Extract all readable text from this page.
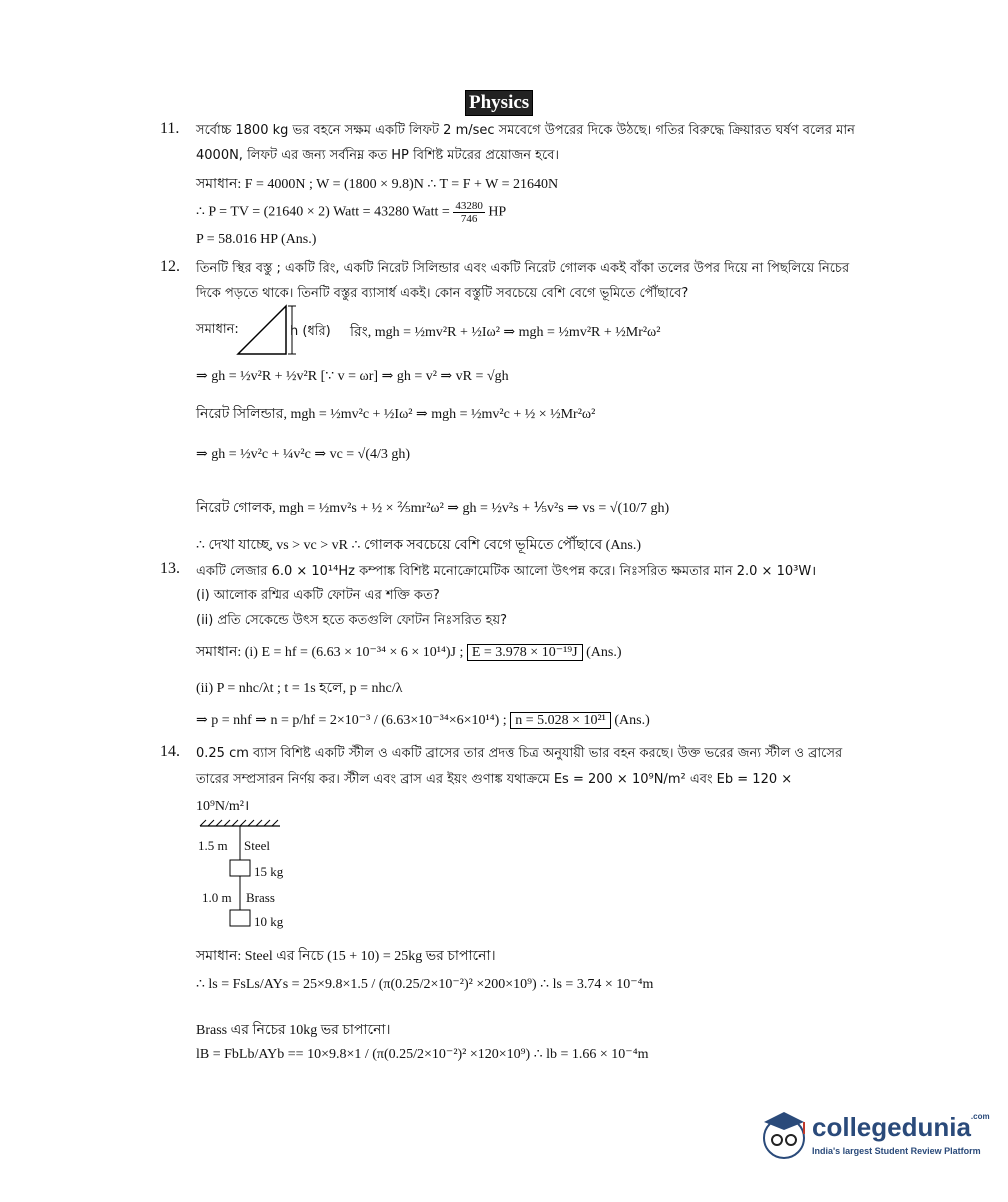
Physics
11. সর্বোচ্চ 1800 kg ভর বহনে সক্ষম একটি লিফট 2 m/sec সমবেগে উপরের দিকে উঠছে। গতির বিরুদ্ধে ক্রিয়ারত ঘর্ষণ বলের মান
4000N, লিফট এর জন্য সর্বনিম্ন কত HP বিশিষ্ট মটরের প্রয়োজন হবে।
সমাধান: F = 4000N ; W = (1800 × 9.8)N ∴ T = F + W = 21640N
∴ P = TV = (21640 × 2) Watt = 43280 Watt = $\frac{43280}{746}$ HP
P = 58.016 HP (Ans.)
12. তিনটি স্থির বস্তু ; একটি রিং, একটি নিরেট সিলিন্ডার এবং একটি নিরেট গোলক একই বাঁকা তলের উপর দিয়ে না পিছলিয়ে নিচের
দিকে পড়তে থাকে। তিনটি বস্তুর ব্যাসার্ধ একই। কোন বস্তুটি সবচেয়ে বেশি বেগে ভূমিতে পৌঁছাবে?
সমাধান:	h (ধরি) রিং, mgh = ½mv²R + ½Iω² ⇒ mgh = ½mv²R + ½Mr²ω²
⇒ gh = ½v²R + ½v²R [∵ v = ωr] ⇒ gh = v² ⇒ vR = √gh
নিরেট সিলিন্ডার, mgh = ½mv²c + ½Iω² ⇒ mgh = ½mv²c + ½ × ½Mr²ω²
⇒ gh = ½v²c + ¼v²c ⇒ vc = √(4/3 gh)
নিরেট গোলক, mgh = ½mv²s + ½ × ⅖mr²ω² ⇒ gh = ½v²s + ⅕v²s ⇒ vs = √(10/7 gh)
∴ দেখা যাচ্ছে, vs > vc > vR ∴ গোলক সবচেয়ে বেশি বেগে ভূমিতে পৌঁছাবে (Ans.)
13. একটি লেজার 6.0 × 10¹⁴Hz কম্পাঙ্ক বিশিষ্ট মনোক্রোমেটিক আলো উৎপন্ন করে। নিঃসরিত ক্ষমতার মান 2.0 × 10³W।
(i) আলোক রশ্মির একটি ফোটন এর শক্তি কত?
(ii) প্রতি সেকেন্ডে উৎস হতে কতগুলি ফোটন নিঃসরিত হয়?
সমাধান: (i) E = hf = (6.63 × 10⁻³⁴ × 6 × 10¹⁴)J ; E = 3.978 × 10⁻¹⁹J (Ans.)
(ii) P = nhc/λt ; t = 1s হলে, p = nhc/λ
⇒ p = nhf ⇒ n = p/hf = 2×10⁻³ / (6.63×10⁻³⁴×6×10¹⁴) ; n = 5.028 × 10²¹ (Ans.)
14. 0.25 cm ব্যাস বিশিষ্ট একটি স্টীল ও একটি ব্রাসের তার প্রদত্ত চিত্র অনুযায়ী ভার বহন করছে। উক্ত ভরের জন্য স্টীল ও ব্রাসের
তারের সম্প্রসারন নির্ণয় কর। স্টীল এবং ব্রাস এর ইয়ং গুণাঙ্ক যথাক্রমে Es = 200 × 10⁹N/m² এবং Eb = 120 ×
10⁹N/m²।
1.5 m Steel
15 kg
1.0 m Brass
10 kg
সমাধান: Steel এর নিচে (15 + 10) = 25kg ভর চাপানো।
∴ ls = FsLs/AYs = 25×9.8×1.5 / (π(0.25/2×10⁻²)² ×200×10⁹) ∴ ls = 3.74 × 10⁻⁴m
Brass এর নিচের 10kg ভর চাপানো।
lB = FbLb/AYb == 10×9.8×1 / (π(0.25/2×10⁻²)² ×120×10⁹) ∴ lb = 1.66 × 10⁻⁴m
collegedunia$^{.com}$
India's largest Student Review Platform
